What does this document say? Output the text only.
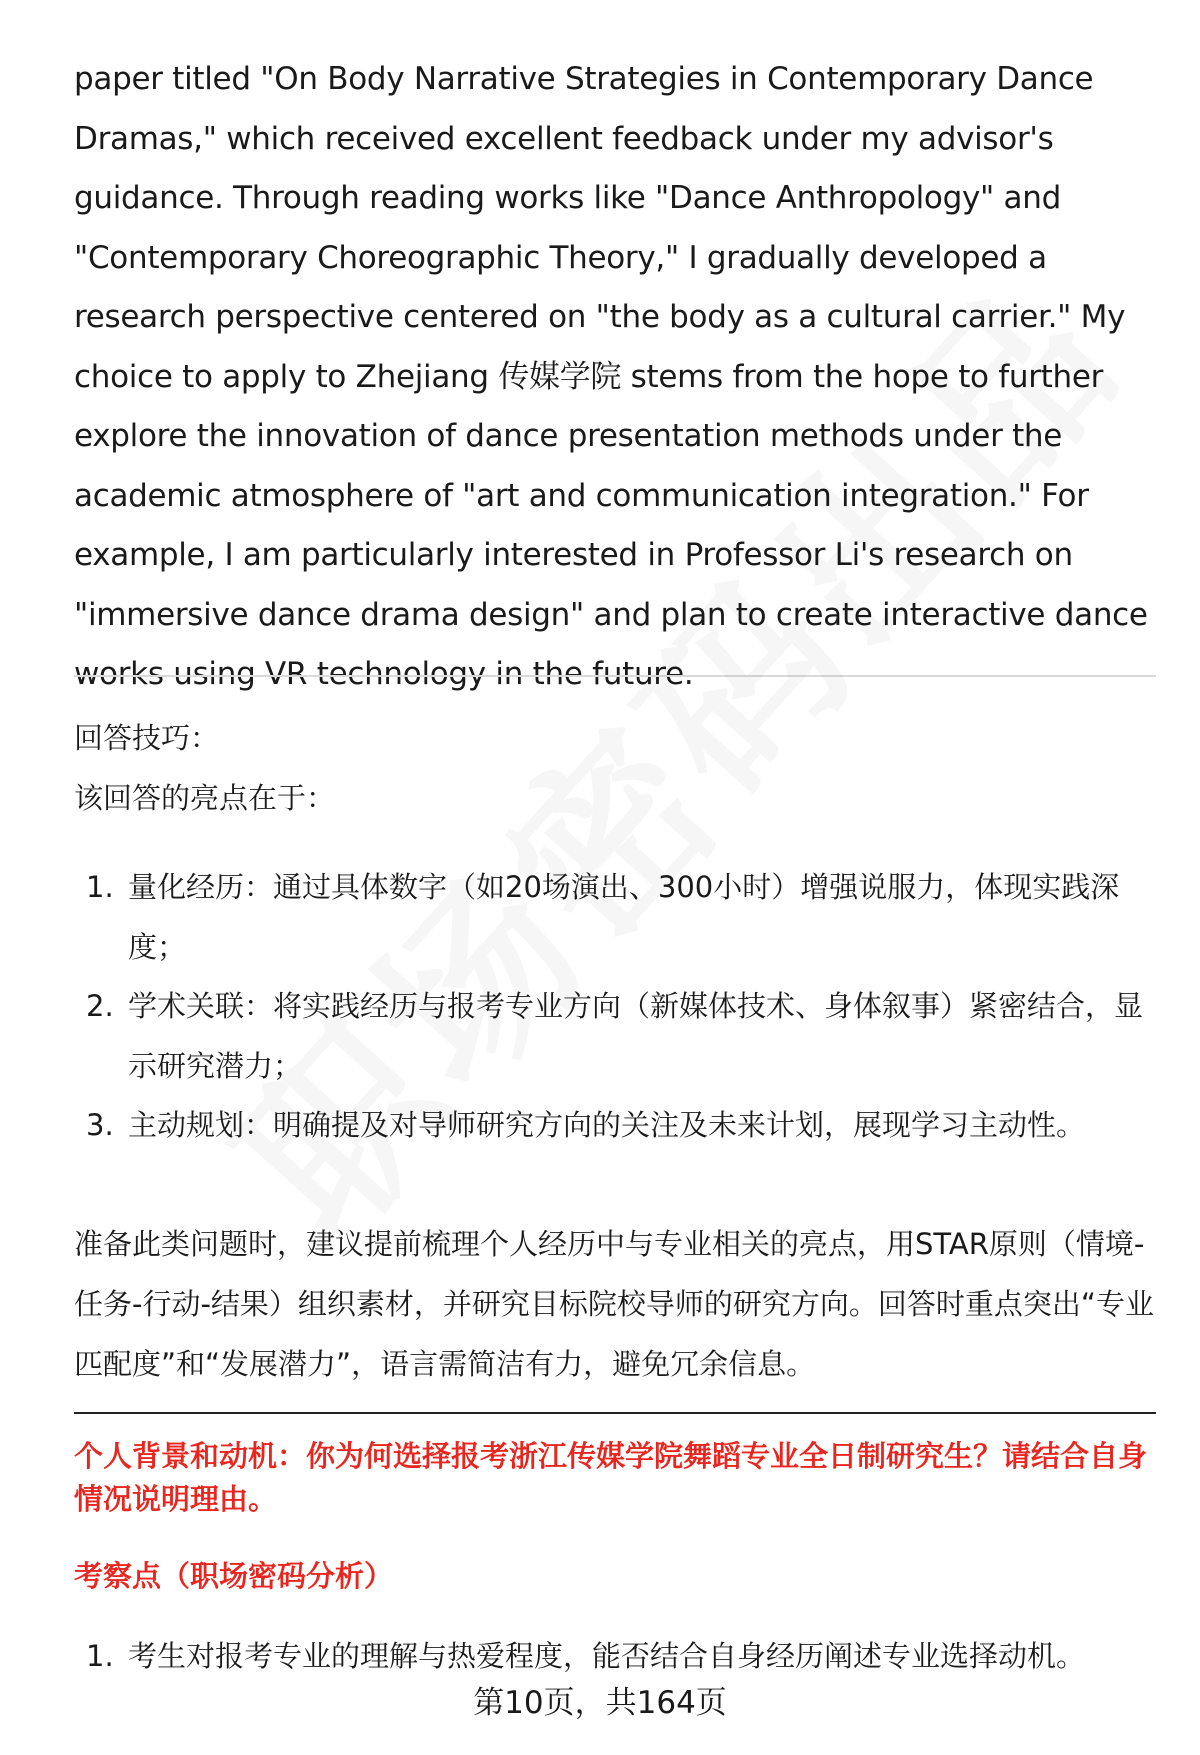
paper titled "On Body Narrative Strategies in Contemporary Dance Dramas," which received excellent feedback under my advisor's guidance. Through reading works like "Dance Anthropology" and "Contemporary Choreographic Theory," I gradually developed a research perspective centered on "the body as a cultural carrier." My choice to apply to Zhejiang 传媒学院 stems from the hope to further explore the innovation of dance presentation methods under the academic atmosphere of "art and communication integration." For example, I am particularly interested in Professor Li's research on "immersive dance drama design" and plan to create interactive dance works using VR technology in the future.

回答技巧：
该回答的亮点在于：
1. 量化经历：通过具体数字（如20场演出、300小时）增强说服力，体现实践深度；
2. 学术关联：将实践经历与报考专业方向（新媒体技术、身体叙事）紧密结合，显示研究潜力；
3. 主动规划：明确提及对导师研究方向的关注及未来计划，展现学习主动性。

准备此类问题时，建议提前梳理个人经历中与专业相关的亮点，用STAR原则（情境-任务-行动-结果）组织素材，并研究目标院校导师的研究方向。回答时重点突出“专业匹配度”和“发展潜力”，语言需简洁有力，避免冗余信息。

个人背景和动机：你为何选择报考浙江传媒学院舞蹈专业全日制研究生？请结合自身情况说明理由。
考察点（职场密码分析）
1. 考生对报考专业的理解与热爱程度，能否结合自身经历阐述专业选择动机。
第10页，共164页
